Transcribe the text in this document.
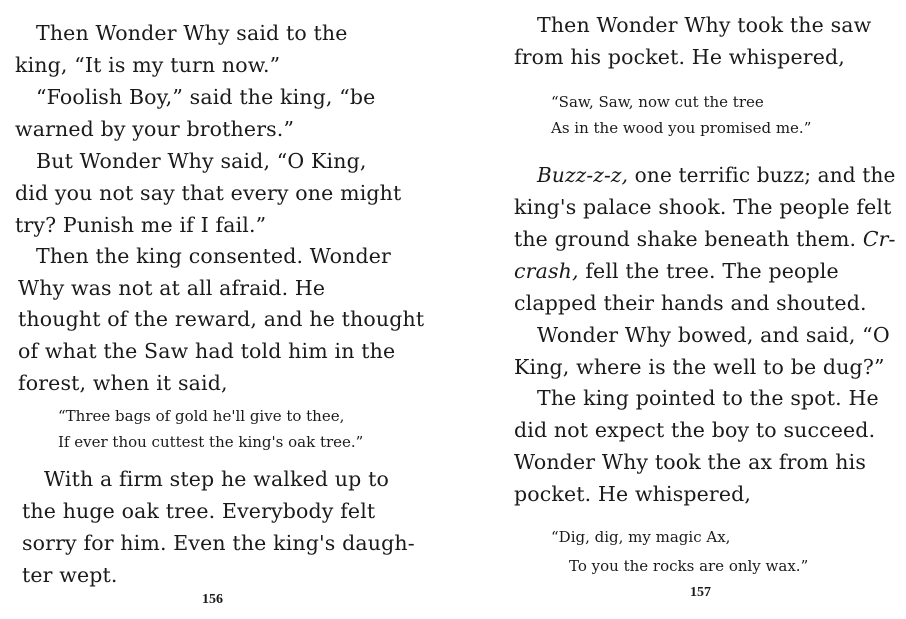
Then Wonder Why said to the
king, “It is my turn now.”
“Foolish Boy,” said the king, “be
warned by your brothers.”
But Wonder Why said, “O King,
did you not say that every one might
try? Punish me if I fail.”
Then the king consented. Wonder
Why was not at all afraid. He
thought of the reward, and he thought
of what the Saw had told him in the
forest, when it said,
“Three bags of gold he'll give to thee,
If ever thou cuttest the king's oak tree.”
With a firm step he walked up to
the huge oak tree. Everybody felt
sorry for him. Even the king's daugh-
ter wept.
156
Then Wonder Why took the saw
from his pocket. He whispered,
“Saw, Saw, now cut the tree
As in the wood you promised me.”
Buzz-z-z, one terrific buzz; and the
king's palace shook. The people felt
the ground shake beneath them. Cr-
crash, fell the tree. The people
clapped their hands and shouted.
Wonder Why bowed, and said, “O
King, where is the well to be dug?”
The king pointed to the spot. He
did not expect the boy to succeed.
Wonder Why took the ax from his
pocket. He whispered,
“Dig, dig, my magic Ax,
To you the rocks are only wax.”
157
